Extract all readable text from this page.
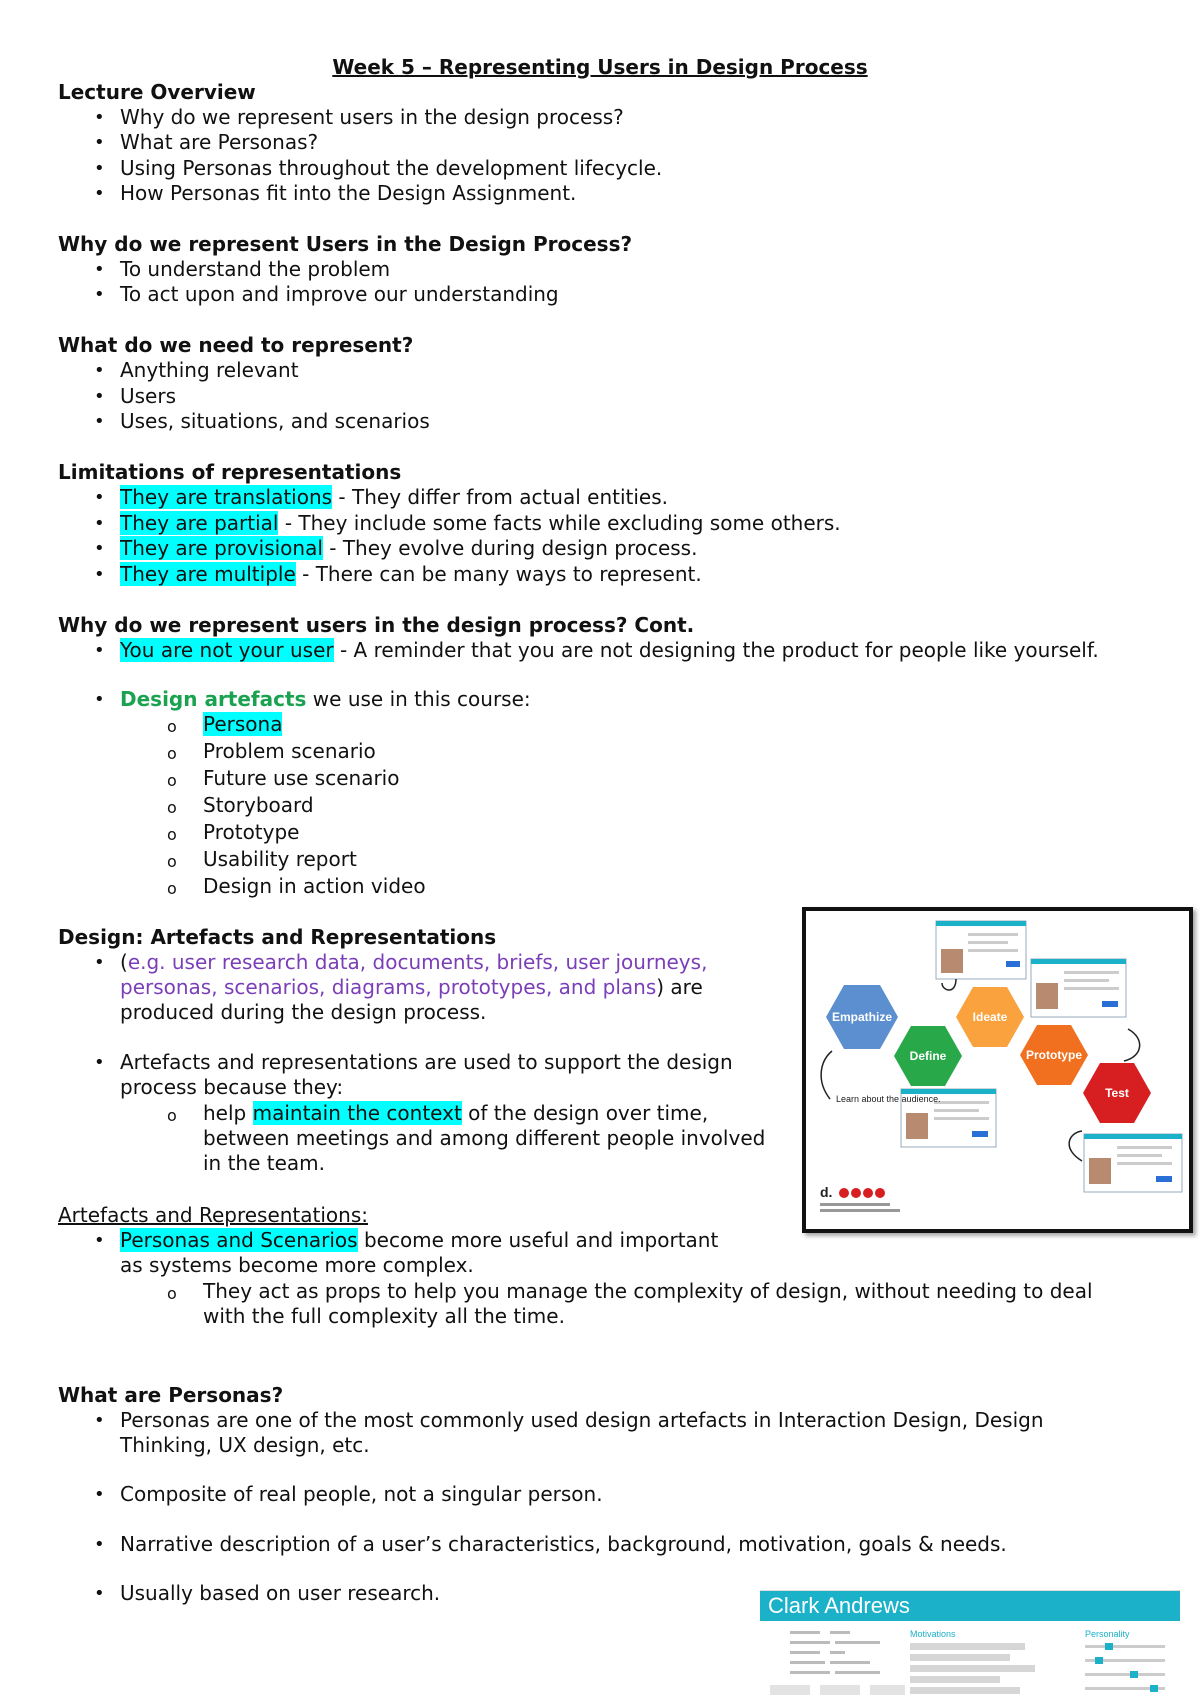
Week 5 – Representing Users in Design Process
Lecture Overview
• Why do we represent users in the design process?
• What are Personas?
• Using Personas throughout the development lifecycle.
• How Personas fit into the Design Assignment.
Why do we represent Users in the Design Process?
• To understand the problem
• To act upon and improve our understanding
What do we need to represent?
• Anything relevant
• Users
• Uses, situations, and scenarios
Limitations of representations
• They are translations - They differ from actual entities.
• They are partial - They include some facts while excluding some others.
• They are provisional - They evolve during design process.
• They are multiple - There can be many ways to represent.
Why do we represent users in the design process? Cont.
• You are not your user - A reminder that you are not designing the product for people like yourself.
• Design artefacts we use in this course:
o Persona
o Problem scenario
o Future use scenario
o Storyboard
o Prototype
o Usability report
o Design in action video
Design: Artefacts and Representations
• (e.g. user research data, documents, briefs, user journeys, personas, scenarios, diagrams, prototypes, and plans) are produced during the design process.
• Artefacts and representations are used to support the design process because they:
o help maintain the context of the design over time, between meetings and among different people involved in the team.
Artefacts and Representations:
• Personas and Scenarios become more useful and important as systems become more complex.
o They act as props to help you manage the complexity of design, without needing to deal with the full complexity all the time.
What are Personas?
• Personas are one of the most commonly used design artefacts in Interaction Design, Design Thinking, UX design, etc.
• Composite of real people, not a singular person.
• Narrative description of a user’s characteristics, background, motivation, goals & needs.
• Usually based on user research.
Empathize
Define
Ideate
Prototype
Test
Learn about the audience.
d.
Clark Andrews
Motivations	Personality
